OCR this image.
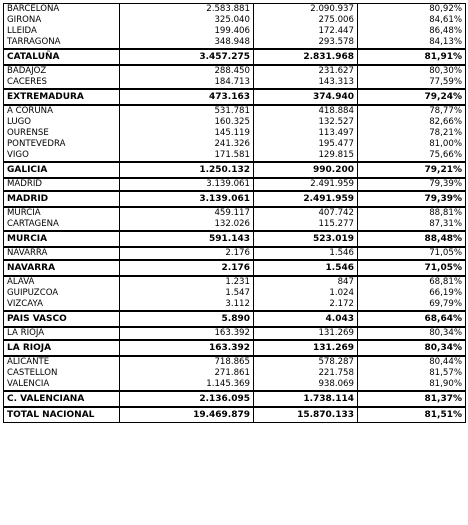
BARCELONA	2.583.881	2.090.937	80,92%
GIRONA	325.040	275.006	84,61%
LLEIDA	199.406	172.447	86,48%
TARRAGONA	348.948	293.578	84,13%
CATALUÑA	3.457.275	2.831.968	81,91%
BADAJOZ	288.450	231.627	80,30%
CACERES	184.713	143.313	77,59%
EXTREMADURA	473.163	374.940	79,24%
A CORUÑA	531.781	418.884	78,77%
LUGO	160.325	132.527	82,66%
OURENSE	145.119	113.497	78,21%
PONTEVEDRA	241.326	195.477	81,00%
VIGO	171.581	129.815	75,66%
GALICIA	1.250.132	990.200	79,21%
MADRID	3.139.061	2.491.959	79,39%
MADRID	3.139.061	2.491.959	79,39%
MURCIA	459.117	407.742	88,81%
CARTAGENA	132.026	115.277	87,31%
MURCIA	591.143	523.019	88,48%
NAVARRA	2.176	1.546	71,05%
NAVARRA	2.176	1.546	71,05%
ALAVA	1.231	847	68,81%
GUIPUZCOA	1.547	1.024	66,19%
VIZCAYA	3.112	2.172	69,79%
PAIS VASCO	5.890	4.043	68,64%
LA RIOJA	163.392	131.269	80,34%
LA RIOJA	163.392	131.269	80,34%
ALICANTE	718.865	578.287	80,44%
CASTELLON	271.861	221.758	81,57%
VALENCIA	1.145.369	938.069	81,90%
C. VALENCIANA	2.136.095	1.738.114	81,37%
TOTAL NACIONAL	19.469.879	15.870.133	81,51%
